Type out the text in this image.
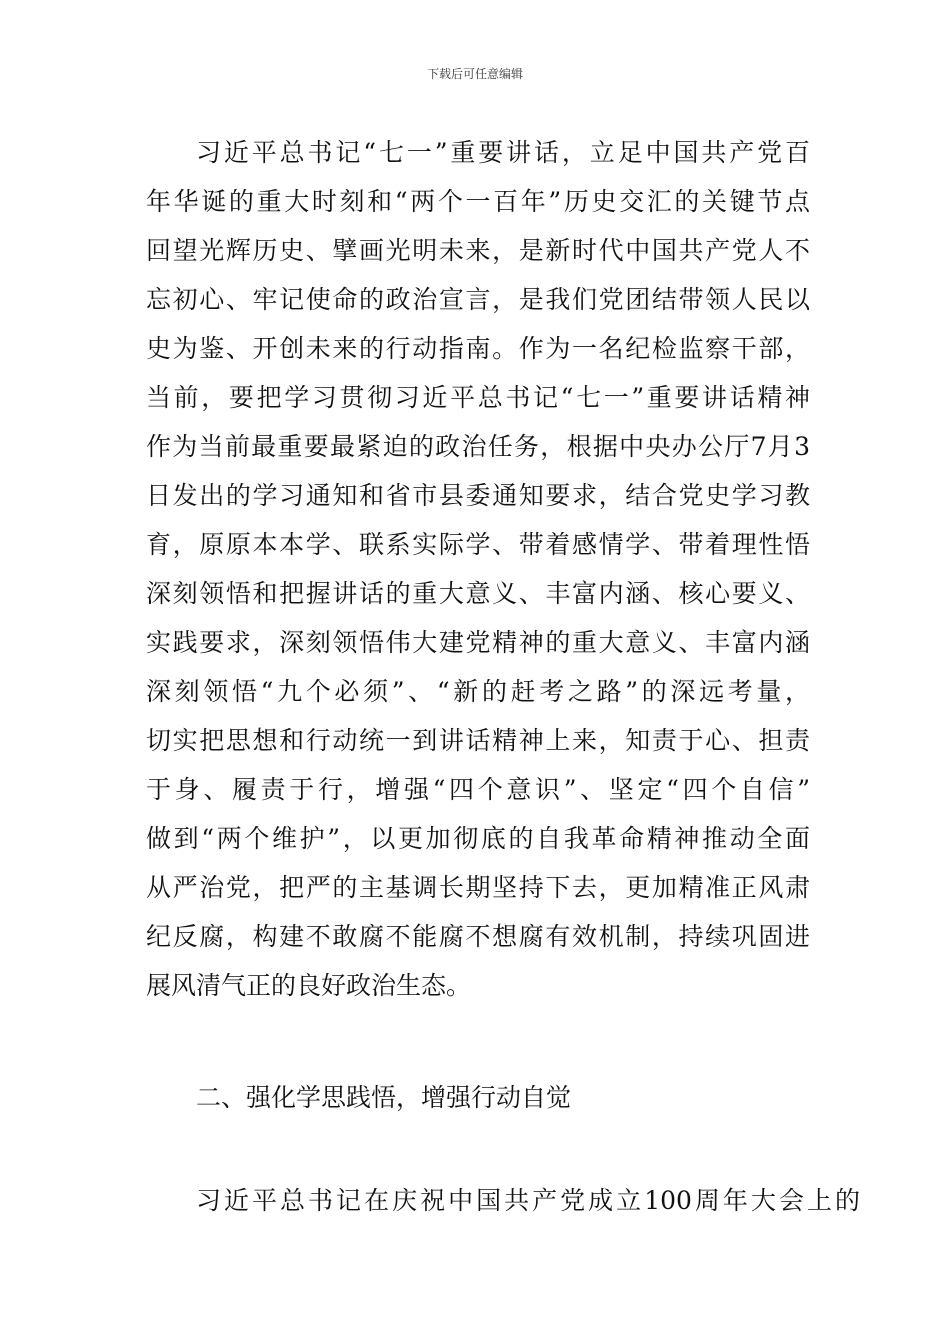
下载后可任意编辑
习近平总书记“七一”重要讲话，立足中国共产党百
年华诞的重大时刻和“两个一百年”历史交汇的关键节点
回望光辉历史、擘画光明未来，是新时代中国共产党人不
忘初心、牢记使命的政治宣言，是我们党团结带领人民以
史为鉴、开创未来的行动指南。作为一名纪检监察干部，
当前，要把学习贯彻习近平总书记“七一”重要讲话精神
作为当前最重要最紧迫的政治任务，根据中央办公厅7月3
日发出的学习通知和省市县委通知要求，结合党史学习教
育，原原本本学、联系实际学、带着感情学、带着理性悟
深刻领悟和把握讲话的重大意义、丰富内涵、核心要义、
实践要求，深刻领悟伟大建党精神的重大意义、丰富内涵
深刻领悟“九个必须”、“新的赶考之路”的深远考量，
切实把思想和行动统一到讲话精神上来，知责于心、担责
于身、履责于行，增强“四个意识”、坚定“四个自信”
做到“两个维护”，以更加彻底的自我革命精神推动全面
从严治党，把严的主基调长期坚持下去，更加精准正风肃
纪反腐，构建不敢腐不能腐不想腐有效机制，持续巩固进
展风清气正的良好政治生态。
二、强化学思践悟，增强行动自觉
习近平总书记在庆祝中国共产党成立100周年大会上的
